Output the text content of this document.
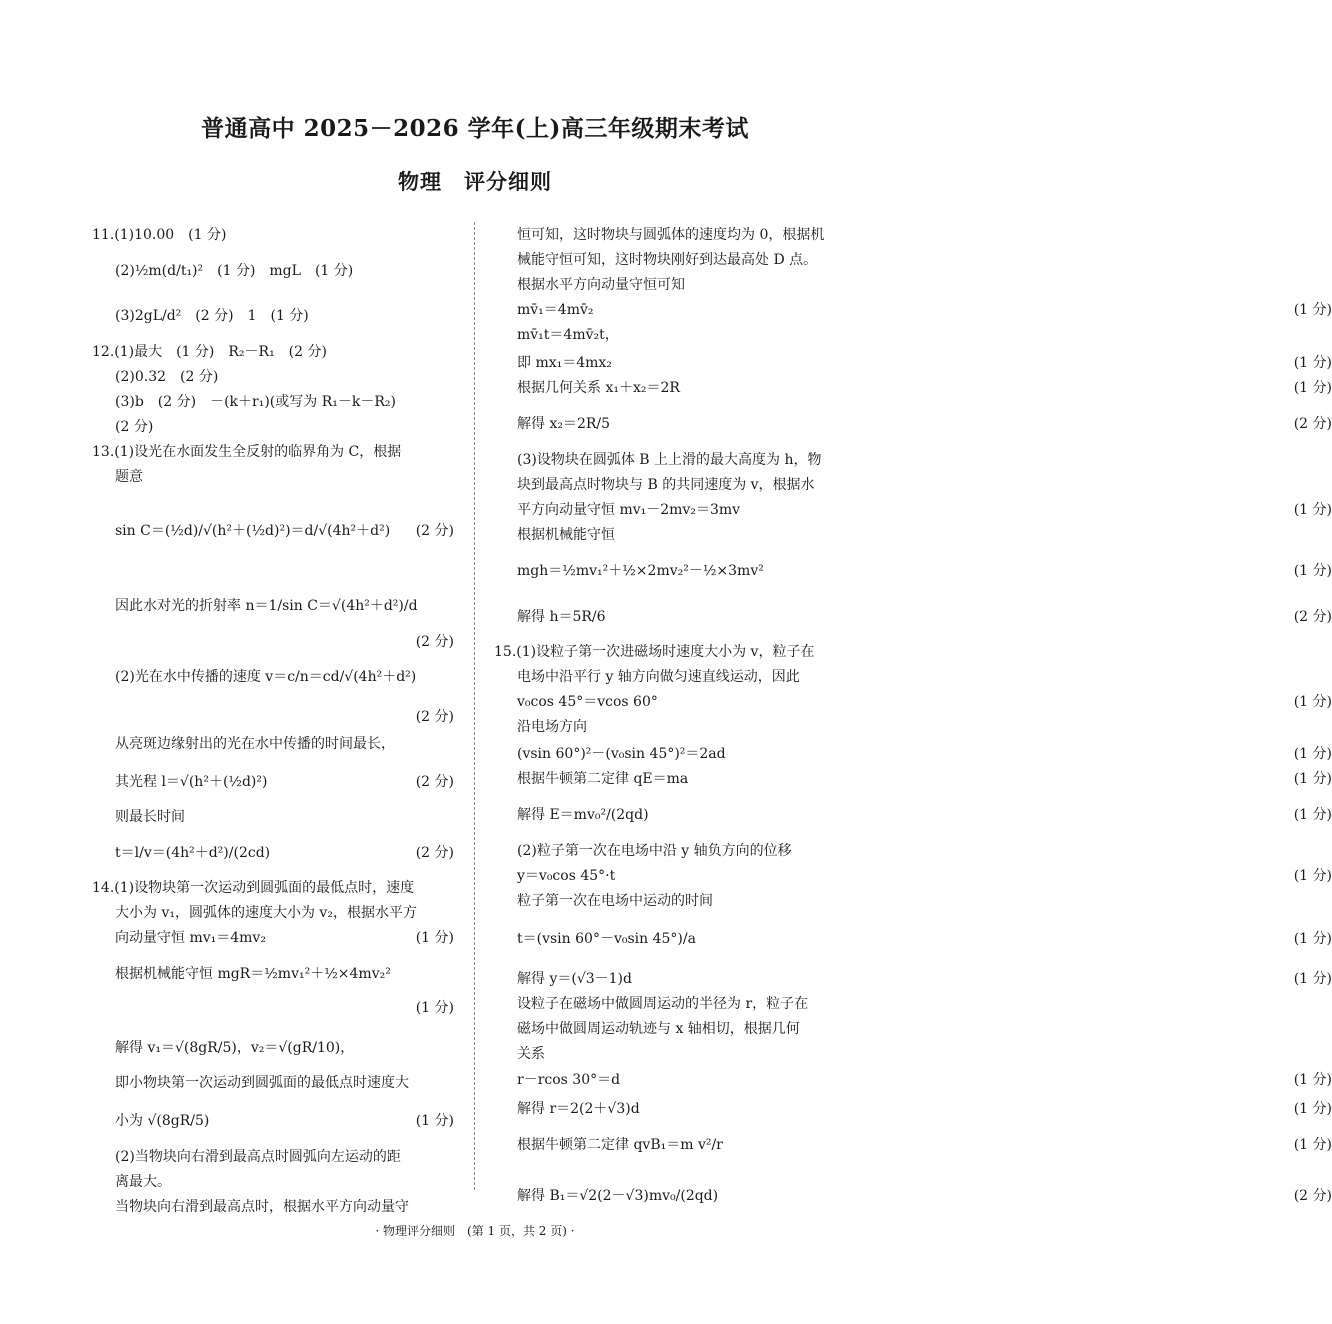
普通高中 2025－2026 学年(上)高三年级期末考试
物理　评分细则
11.(1)10.00　(1 分)
(2)½m(d/t₁)²　(1 分)　mgL　(1 分)
(3)2gL/d²　(2 分)　1　(1 分)
12.(1)最大　(1 分)　R₂－R₁　(2 分)
(2)0.32　(2 分)
(3)b　(2 分)　－(k＋r₁)(或写为 R₁－k－R₂)
(2 分)
13.(1)设光在水面发生全反射的临界角为 C，根据
题意
sin C＝(½d)/√(h²＋(½d)²)＝d/√(4h²＋d²)
因此水对光的折射率 n＝1/sin C＝√(4h²＋d²)/d
(2)光在水中传播的速度 v＝c/n＝cd/√(4h²＋d²)
从亮斑边缘射出的光在水中传播的时间最长，
其光程 l＝√(h²＋(½d)²)
则最长时间
t＝l/v＝(4h²＋d²)/(2cd)
14.(1)设物块第一次运动到圆弧面的最低点时，速度
大小为 v₁，圆弧体的速度大小为 v₂，根据水平方
向动量守恒 mv₁＝4mv₂
根据机械能守恒 mgR＝½mv₁²＋½×4mv₂²
解得 v₁＝√(8gR/5)，v₂＝√(gR/10)，
即小物块第一次运动到圆弧面的最低点时速度大
小为 √(8gR/5)
(2)当物块向右滑到最高点时圆弧向左运动的距
离最大。
当物块向右滑到最高点时，根据水平方向动量守
(2 分)
(2 分)
(2 分)
(2 分)
(2 分)
(1 分)
(1 分)
(1 分)
恒可知，这时物块与圆弧体的速度均为 0，根据机
械能守恒可知，这时物块刚好到达最高处 D 点。
根据水平方向动量守恒可知
mv̄₁＝4mv̄₂
mv̄₁t＝4mv̄₂t，
即 mx₁＝4mx₂
根据几何关系 x₁＋x₂＝2R
解得 x₂＝2R/5
(3)设物块在圆弧体 B 上上滑的最大高度为 h，物
块到最高点时物块与 B 的共同速度为 v，根据水
平方向动量守恒 mv₁－2mv₂＝3mv
根据机械能守恒
mgh＝½mv₁²＋½×2mv₂²－½×3mv²
解得 h＝5R/6
15.(1)设粒子第一次进磁场时速度大小为 v，粒子在
电场中沿平行 y 轴方向做匀速直线运动，因此
v₀cos 45°＝vcos 60°
沿电场方向
(vsin 60°)²－(v₀sin 45°)²＝2ad
根据牛顿第二定律 qE＝ma
解得 E＝mv₀²/(2qd)
(2)粒子第一次在电场中沿 y 轴负方向的位移
y＝v₀cos 45°·t
粒子第一次在电场中运动的时间
t＝(vsin 60°－v₀sin 45°)/a
解得 y＝(√3－1)d
设粒子在磁场中做圆周运动的半径为 r，粒子在
磁场中做圆周运动轨迹与 x 轴相切，根据几何
关系
r－rcos 30°＝d
解得 r＝2(2＋√3)d
根据牛顿第二定律 qvB₁＝m v²/r
解得 B₁＝√2(2－√3)mv₀/(2qd)
(1 分)
(1 分)
(1 分)
(2 分)
(1 分)
(1 分)
(2 分)
(1 分)
(1 分)
(1 分)
(1 分)
(1 分)
(1 分)
(1 分)
(1 分)
(1 分)
(1 分)
(2 分)
· 物理评分细则　(第 1 页，共 2 页) ·
